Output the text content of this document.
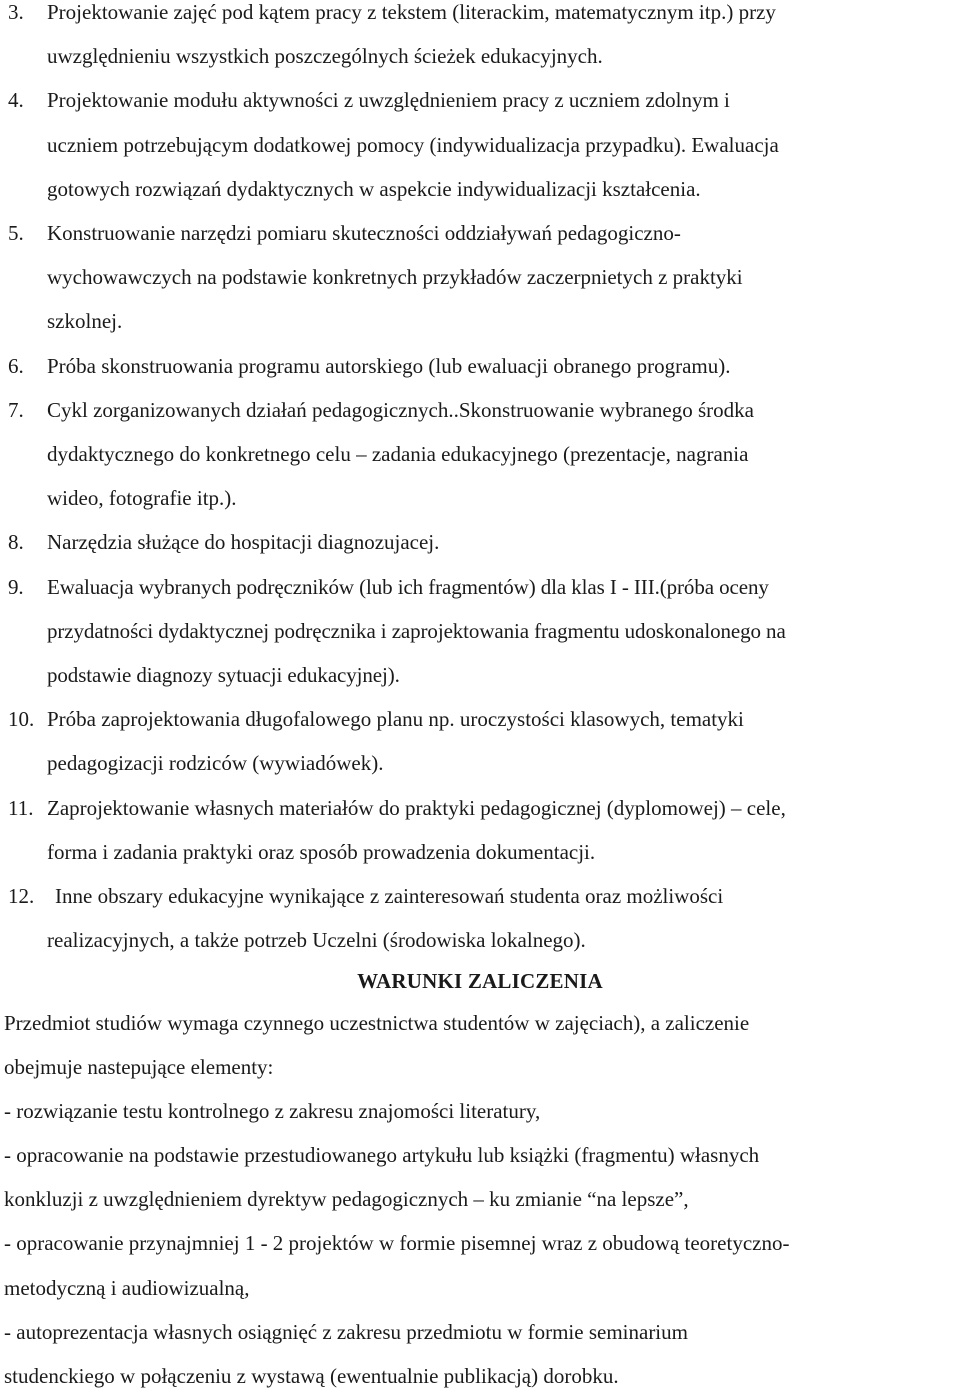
3. Projektowanie zajęć pod kątem pracy z tekstem (literackim, matematycznym itp.) przy
uwzględnieniu wszystkich poszczególnych ścieżek edukacyjnych.
4. Projektowanie modułu aktywności z uwzględnieniem pracy z uczniem zdolnym i
uczniem potrzebującym dodatkowej pomocy (indywidualizacja przypadku). Ewaluacja
gotowych rozwiązań dydaktycznych w aspekcie indywidualizacji kształcenia.
5. Konstruowanie narzędzi pomiaru skuteczności oddziaływań pedagogiczno-
wychowawczych na podstawie konkretnych przykładów zaczerpnietych z praktyki
szkolnej.
6. Próba skonstruowania programu autorskiego (lub ewaluacji obranego programu).
7. Cykl zorganizowanych działań pedagogicznych..Skonstruowanie wybranego środka
dydaktycznego do konkretnego celu – zadania edukacyjnego (prezentacje, nagrania
wideo, fotografie itp.).
8. Narzędzia służące do hospitacji diagnozujacej.
9. Ewaluacja wybranych podręczników (lub ich fragmentów) dla klas I - III.(próba oceny
przydatności dydaktycznej podręcznika i zaprojektowania fragmentu udoskonalonego na
podstawie diagnozy sytuacji edukacyjnej).
10. Próba zaprojektowania długofalowego planu np. uroczystości klasowych, tematyki
pedagogizacji rodziców (wywiadówek).
11. Zaprojektowanie własnych materiałów do praktyki pedagogicznej (dyplomowej) – cele,
forma i zadania praktyki oraz sposób prowadzenia dokumentacji.
12. Inne obszary edukacyjne wynikające z zainteresowań studenta oraz możliwości
realizacyjnych, a także potrzeb Uczelni (środowiska lokalnego).
WARUNKI ZALICZENIA

Przedmiot studiów wymaga czynnego uczestnictwa studentów w zajęciach), a zaliczenie

obejmuje nastepujące elementy:

- rozwiązanie testu kontrolnego z zakresu znajomości literatury,

- opracowanie na podstawie przestudiowanego artykułu lub książki (fragmentu) własnych

konkluzji z uwzględnieniem dyrektyw pedagogicznych – ku zmianie “na lepsze”,

- opracowanie przynajmniej 1 - 2 projektów w formie pisemnej wraz z obudową teoretyczno-

metodyczną i audiowizualną,

- autoprezentacja własnych osiągnięć z zakresu przedmiotu w formie seminarium

studenckiego w połączeniu z wystawą (ewentualnie publikacją) dorobku.
